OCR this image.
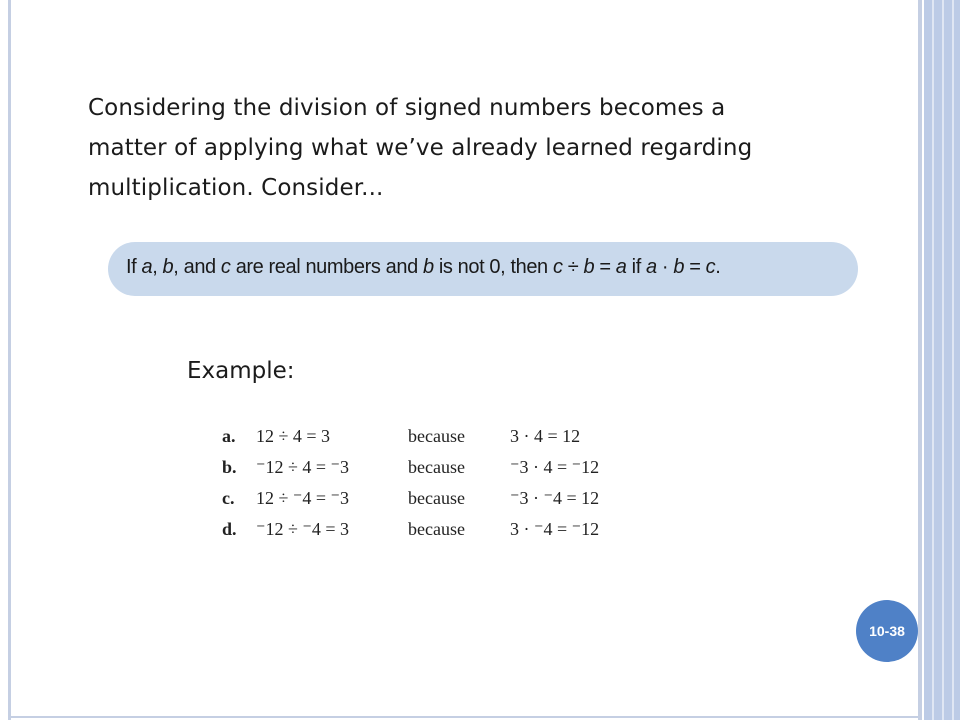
Considering the division of signed numbers becomes a
matter of applying what we’ve already learned regarding
multiplication. Consider...
If a, b, and c are real numbers and b is not 0, then c ÷ b = a if a · b = c.
Example:
a. 12 ÷ 4 = 3	because	3 · 4 = 12
b. ⁻12 ÷ 4 = ⁻3	because	⁻3 · 4 = ⁻12
c. 12 ÷ ⁻4 = ⁻3	because	⁻3 · ⁻4 = 12
d. ⁻12 ÷ ⁻4 = 3	because	3 · ⁻4 = ⁻12
10-38
